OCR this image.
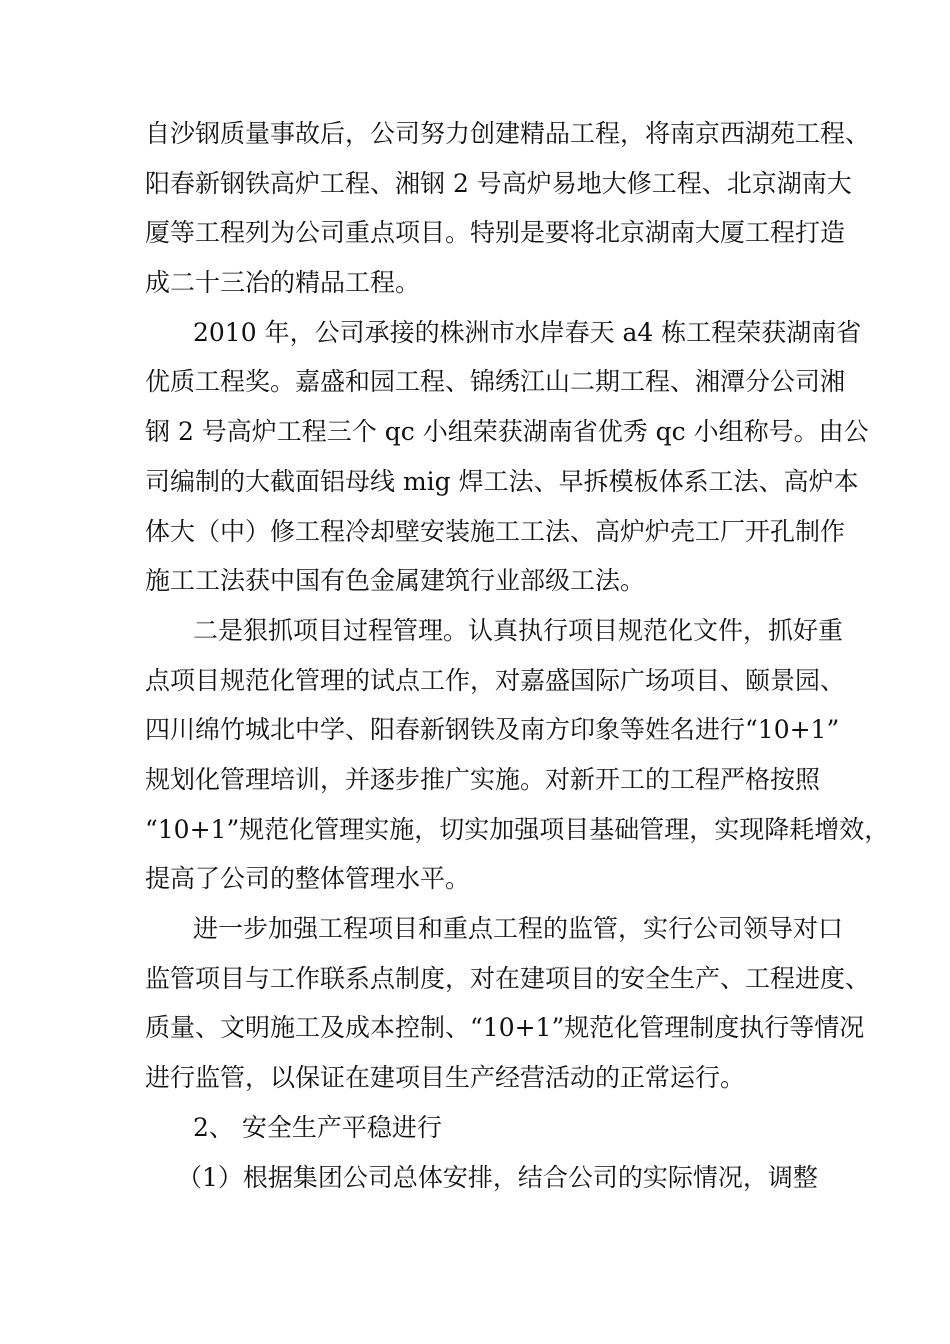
自沙钢质量事故后，公司努力创建精品工程，将南京西湖苑工程、
阳春新钢铁高炉工程、湘钢 2 号高炉易地大修工程、北京湖南大
厦等工程列为公司重点项目。特别是要将北京湖南大厦工程打造
成二十三冶的精品工程。
2010 年，公司承接的株洲市水岸春天 a4 栋工程荣获湖南省
优质工程奖。嘉盛和园工程、锦绣江山二期工程、湘潭分公司湘
钢 2 号高炉工程三个 qc 小组荣获湖南省优秀 qc 小组称号。由公
司编制的大截面铝母线 mig 焊工法、早拆模板体系工法、高炉本
体大（中）修工程冷却壁安装施工工法、高炉炉壳工厂开孔制作
施工工法获中国有色金属建筑行业部级工法。
二是狠抓项目过程管理。认真执行项目规范化文件，抓好重
点项目规范化管理的试点工作，对嘉盛国际广场项目、颐景园、
四川绵竹城北中学、阳春新钢铁及南方印象等姓名进行“10+1”
规划化管理培训，并逐步推广实施。对新开工的工程严格按照
“10+1”规范化管理实施，切实加强项目基础管理，实现降耗增效，
提高了公司的整体管理水平。
进一步加强工程项目和重点工程的监管，实行公司领导对口
监管项目与工作联系点制度，对在建项目的安全生产、工程进度、
质量、文明施工及成本控制、“10+1”规范化管理制度执行等情况
进行监管，以保证在建项目生产经营活动的正常运行。
2、 安全生产平稳进行
（1）根据集团公司总体安排，结合公司的实际情况，调整
